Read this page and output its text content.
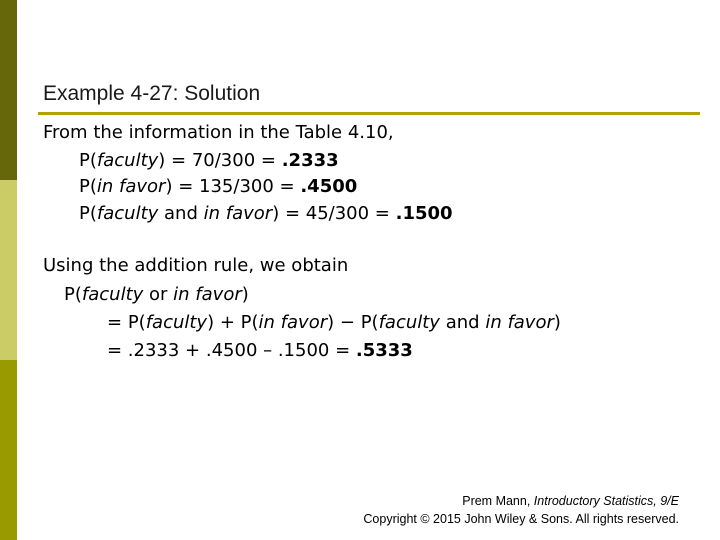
Example 4-27: Solution
From the information in the Table 4.10,
P(faculty) = 70/300 = .2333
P(in favor) = 135/300 = .4500
P(faculty and in favor) = 45/300 = .1500
Using the addition rule, we obtain
P(faculty or in favor)
= P(faculty) + P(in favor) − P(faculty and in favor)
= .2333 + .4500 – .1500 = .5333
Prem Mann, Introductory Statistics, 9/E
Copyright © 2015 John Wiley & Sons. All rights reserved.
